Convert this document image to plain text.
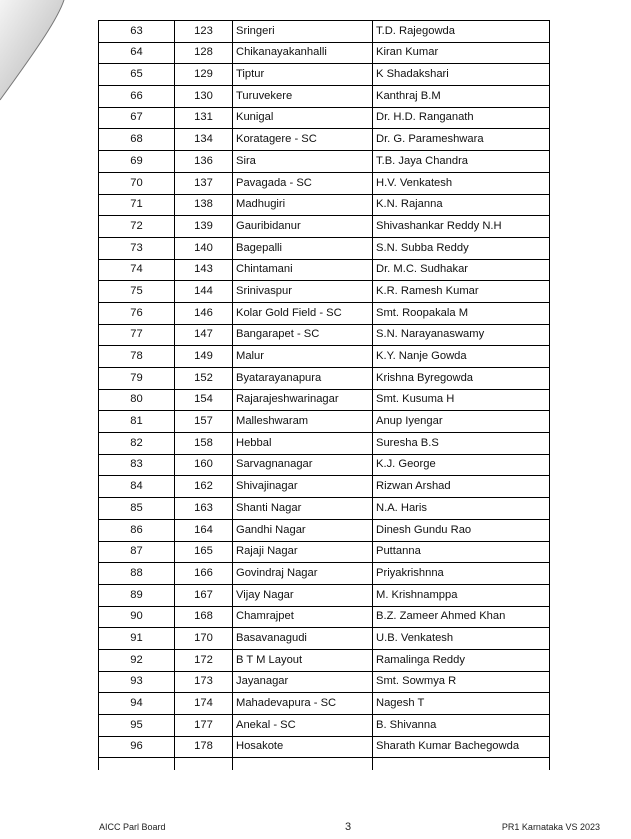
63	123	Sringeri	T.D. Rajegowda
64	128	Chikanayakanhalli	Kiran Kumar
65	129	Tiptur	K Shadakshari
66	130	Turuvekere	Kanthraj B.M
67	131	Kunigal	Dr. H.D. Ranganath
68	134	Koratagere - SC	Dr. G. Parameshwara
69	136	Sira	T.B. Jaya Chandra
70	137	Pavagada - SC	H.V. Venkatesh
71	138	Madhugiri	K.N. Rajanna
72	139	Gauribidanur	Shivashankar Reddy N.H
73	140	Bagepalli	S.N. Subba Reddy
74	143	Chintamani	Dr. M.C. Sudhakar
75	144	Srinivaspur	K.R. Ramesh Kumar
76	146	Kolar Gold Field - SC	Smt. Roopakala M
77	147	Bangarapet - SC	S.N. Narayanaswamy
78	149	Malur	K.Y. Nanje Gowda
79	152	Byatarayanapura	Krishna Byregowda
80	154	Rajarajeshwarinagar	Smt. Kusuma H
81	157	Malleshwaram	Anup Iyengar
82	158	Hebbal	Suresha B.S
83	160	Sarvagnanagar	K.J. George
84	162	Shivajinagar	Rizwan Arshad
85	163	Shanti Nagar	N.A. Haris
86	164	Gandhi Nagar	Dinesh Gundu Rao
87	165	Rajaji Nagar	Puttanna
88	166	Govindraj Nagar	Priyakrishnna
89	167	Vijay Nagar	M. Krishnamppa
90	168	Chamrajpet	B.Z. Zameer Ahmed Khan
91	170	Basavanagudi	U.B. Venkatesh
92	172	B T M Layout	Ramalinga Reddy
93	173	Jayanagar	Smt. Sowmya R
94	174	Mahadevapura - SC	Nagesh T
95	177	Anekal - SC	B. Shivanna
96	178	Hosakote	Sharath Kumar Bachegowda

AICC Parl Board	3	PR1 Karnataka VS 2023
